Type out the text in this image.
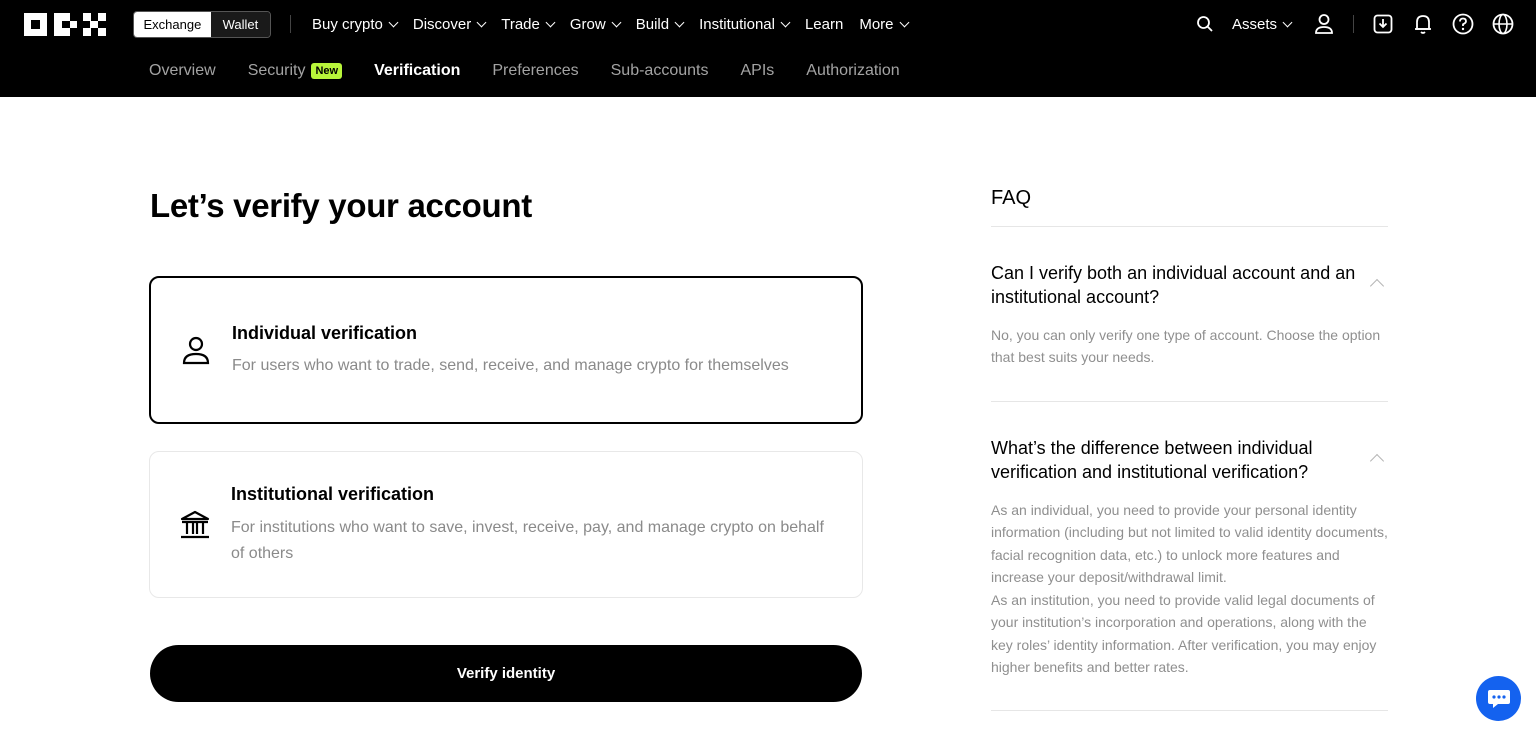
Exchange	Wallet	Buy crypto Discover Trade Grow Build Institutional Learn More	Assets
Overview Security New Verification Preferences Sub-accounts APIs Authorization
Let’s verify your account
Individual verification
For users who want to trade, send, receive, and manage crypto for themselves
Institutional verification
For institutions who want to save, invest, receive, pay, and manage crypto on behalf of others
Verify identity
FAQ
Can I verify both an individual account and an institutional account?
No, you can only verify one type of account. Choose the option that best suits your needs.
What’s the difference between individual verification and institutional verification?
As an individual, you need to provide your personal identity information (including but not limited to valid identity documents, facial recognition data, etc.) to unlock more features and increase your deposit/withdrawal limit.
As an institution, you need to provide valid legal documents of your institution’s incorporation and operations, along with the key roles’ identity information. After verification, you may enjoy higher benefits and better rates.
